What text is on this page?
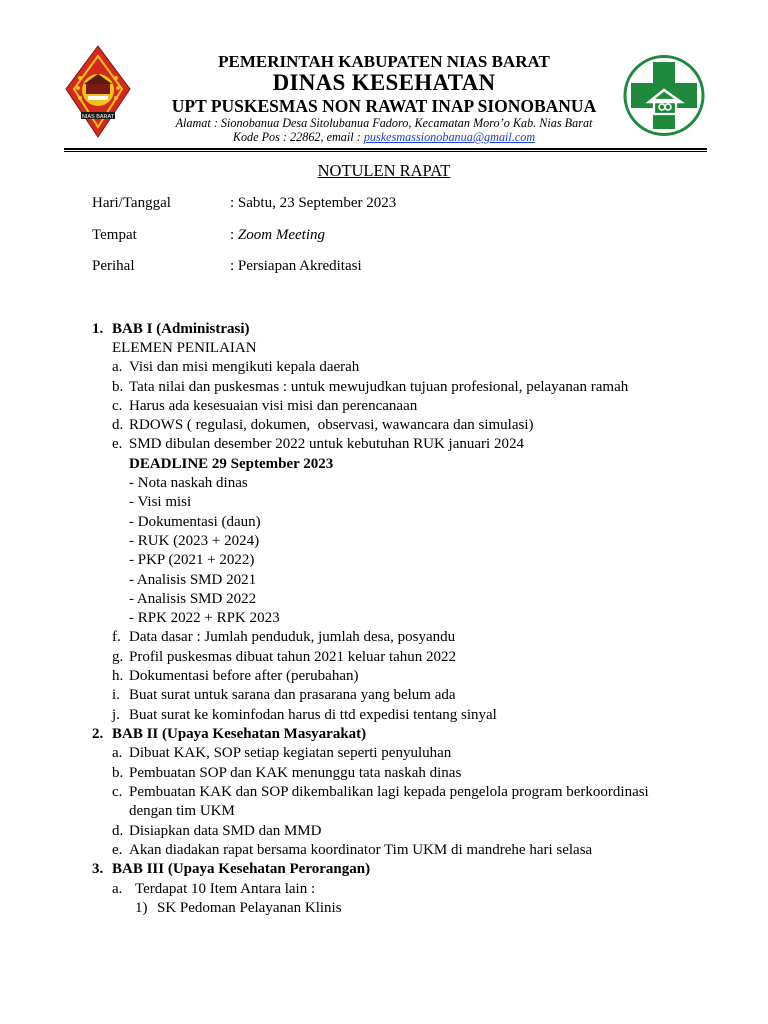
NIAS BARAT
PEMERINTAH KABUPATEN NIAS BARAT
DINAS KESEHATAN
UPT PUSKESMAS NON RAWAT INAP SIONOBANUA
Alamat : Sionobanua Desa Sitolubanua Fadoro, Kecamatan Moro’o Kab. Nias Barat
Kode Pos : 22862, email : puskesmassionobanua@gmail.com
NOTULEN RAPAT
Hari/Tanggal	: Sabtu, 23 September 2023
Tempat	: Zoom Meeting
Perihal	: Persiapan Akreditasi
1. BAB I (Administrasi)
ELEMEN PENILAIAN
a. Visi dan misi mengikuti kepala daerah
b. Tata nilai dan puskesmas : untuk mewujudkan tujuan profesional, pelayanan ramah
c. Harus ada kesesuaian visi misi dan perencanaan
d. RDOWS ( regulasi, dokumen,  observasi, wawancara dan simulasi)
e. SMD dibulan desember 2022 untuk kebutuhan RUK januari 2024
DEADLINE 29 September 2023
- Nota naskah dinas
- Visi misi
- Dokumentasi (daun)
- RUK (2023 + 2024)
- PKP (2021 + 2022)
- Analisis SMD 2021
- Analisis SMD 2022
- RPK 2022 + RPK 2023
f. Data dasar : Jumlah penduduk, jumlah desa, posyandu
g. Profil puskesmas dibuat tahun 2021 keluar tahun 2022
h. Dokumentasi before after (perubahan)
i. Buat surat untuk sarana dan prasarana yang belum ada
j. Buat surat ke kominfodan harus di ttd expedisi tentang sinyal
2. BAB II (Upaya Kesehatan Masyarakat)
a. Dibuat KAK, SOP setiap kegiatan seperti penyuluhan
b. Pembuatan SOP dan KAK menunggu tata naskah dinas
c. Pembuatan KAK dan SOP dikembalikan lagi kepada pengelola program berkoordinasi
dengan tim UKM
d. Disiapkan data SMD dan MMD
e. Akan diadakan rapat bersama koordinator Tim UKM di mandrehe hari selasa
3. BAB III (Upaya Kesehatan Perorangan)
a. Terdapat 10 Item Antara lain :
1) SK Pedoman Pelayanan Klinis
